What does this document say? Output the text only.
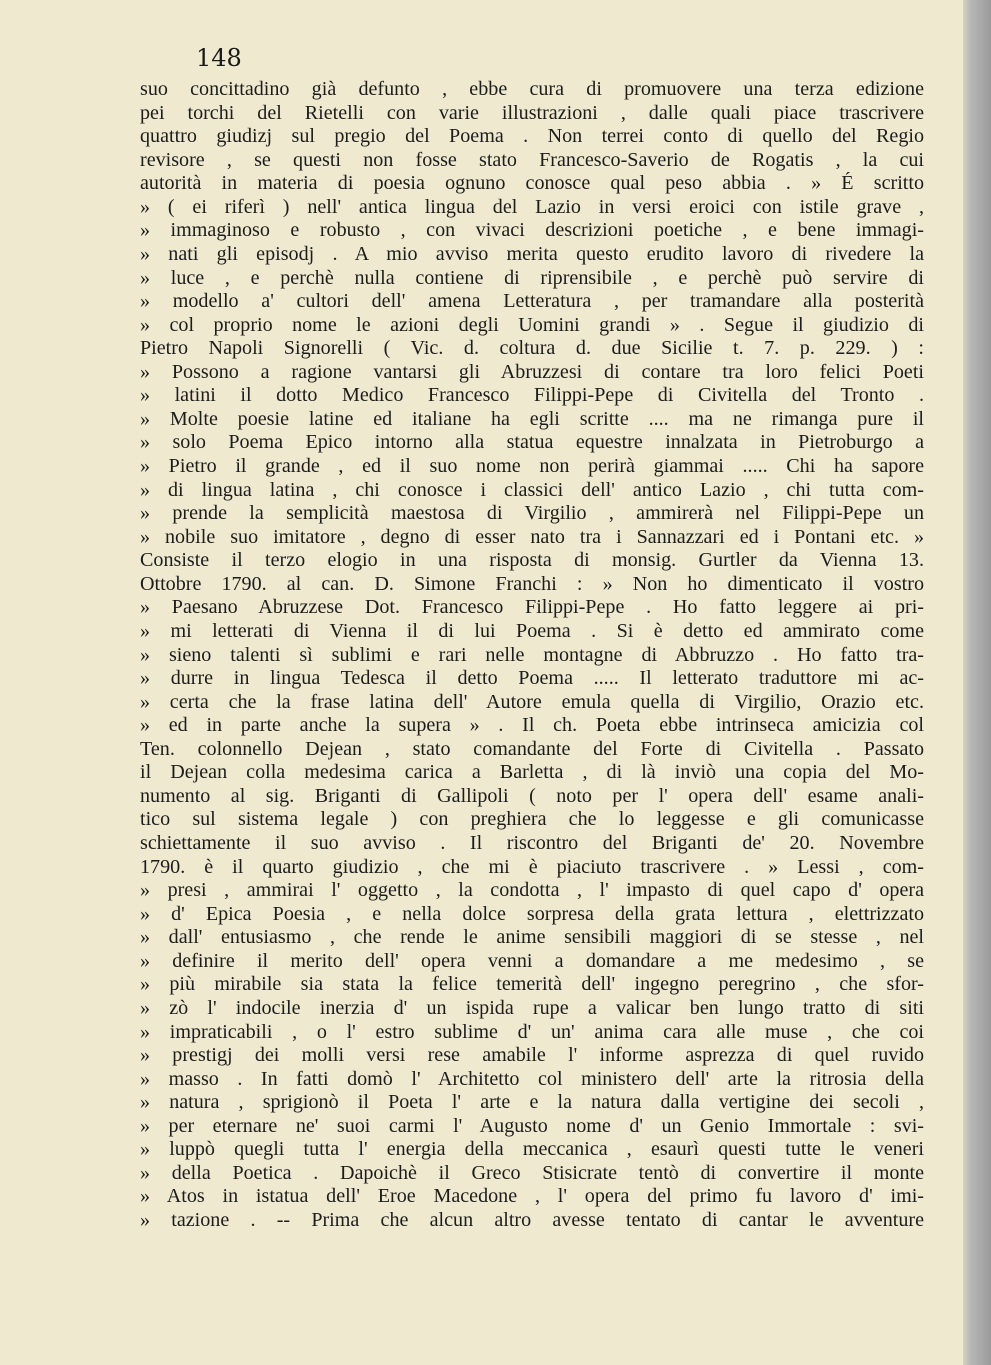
148

suo concittadino già defunto , ebbe cura di promuovere una terza edizione
pei torchi del Rietelli con varie illustrazioni , dalle quali piace trascrivere
quattro giudizj sul pregio del Poema . Non terrei conto di quello del Regio
revisore , se questi non fosse stato Francesco-Saverio de Rogatis , la cui
autorità in materia di poesia ognuno conosce qual peso abbia . » É scritto
» ( ei riferì ) nell' antica lingua del Lazio in versi eroici con istile grave ,
» immaginoso e robusto , con vivaci descrizioni poetiche , e bene immagi-
» nati gli episodj . A mio avviso merita questo erudito lavoro di rivedere la
» luce , e perchè nulla contiene di riprensibile , e perchè può servire di
» modello a' cultori dell' amena Letteratura , per tramandare alla posterità
» col proprio nome le azioni degli Uomini grandi » . Segue il giudizio di
Pietro Napoli Signorelli ( Vic. d. coltura d. due Sicilie t. 7. p. 229. ) :
» Possono a ragione vantarsi gli Abruzzesi di contare tra loro felici Poeti
» latini il dotto Medico Francesco Filippi-Pepe di Civitella del Tronto .
» Molte poesie latine ed italiane ha egli scritte .... ma ne rimanga pure il
» solo Poema Epico intorno alla statua equestre innalzata in Pietroburgo a
» Pietro il grande , ed il suo nome non perirà giammai ..... Chi ha sapore
» di lingua latina , chi conosce i classici dell' antico Lazio , chi tutta com-
» prende la semplicità maestosa di Virgilio , ammirerà nel Filippi-Pepe un
» nobile suo imitatore , degno di esser nato tra i Sannazzari ed i Pontani etc. »
Consiste il terzo elogio in una risposta di monsig. Gurtler da Vienna 13.
Ottobre 1790. al can. D. Simone Franchi : » Non ho dimenticato il vostro
» Paesano Abruzzese Dot. Francesco Filippi-Pepe . Ho fatto leggere ai pri-
» mi letterati di Vienna il di lui Poema . Si è detto ed ammirato come
» sieno talenti sì sublimi e rari nelle montagne di Abbruzzo . Ho fatto tra-
» durre in lingua Tedesca il detto Poema ..... Il letterato traduttore mi ac-
» certa che la frase latina dell' Autore emula quella di Virgilio, Orazio etc.
» ed in parte anche la supera » . Il ch. Poeta ebbe intrinseca amicizia col
Ten. colonnello Dejean , stato comandante del Forte di Civitella . Passato
il Dejean colla medesima carica a Barletta , di là inviò una copia del Mo-
numento al sig. Briganti di Gallipoli ( noto per l' opera dell' esame anali-
tico sul sistema legale ) con preghiera che lo leggesse e gli comunicasse
schiettamente il suo avviso . Il riscontro del Briganti de' 20. Novembre
1790. è il quarto giudizio , che mi è piaciuto trascrivere . » Lessi , com-
» presi , ammirai l' oggetto , la condotta , l' impasto di quel capo d' opera
» d' Epica Poesia , e nella dolce sorpresa della grata lettura , elettrizzato
» dall' entusiasmo , che rende le anime sensibili maggiori di se stesse , nel
» definire il merito dell' opera venni a domandare a me medesimo , se
» più mirabile sia stata la felice temerità dell' ingegno peregrino , che sfor-
» zò l' indocile inerzia d' un ispida rupe a valicar ben lungo tratto di siti
» impraticabili , o l' estro sublime d' un' anima cara alle muse , che coi
» prestigj dei molli versi rese amabile l' informe asprezza di quel ruvido
» masso . In fatti domò l' Architetto col ministero dell' arte la ritrosia della
» natura , sprigionò il Poeta l' arte e la natura dalla vertigine dei secoli ,
» per eternare ne' suoi carmi l' Augusto nome d' un Genio Immortale : svi-
» luppò quegli tutta l' energia della meccanica , esaurì questi tutte le veneri
» della Poetica . Dapoichè il Greco Stisicrate tentò di convertire il monte
» Atos in istatua dell' Eroe Macedone , l' opera del primo fu lavoro d' imi-
» tazione . -- Prima che alcun altro avesse tentato di cantar le avventure
